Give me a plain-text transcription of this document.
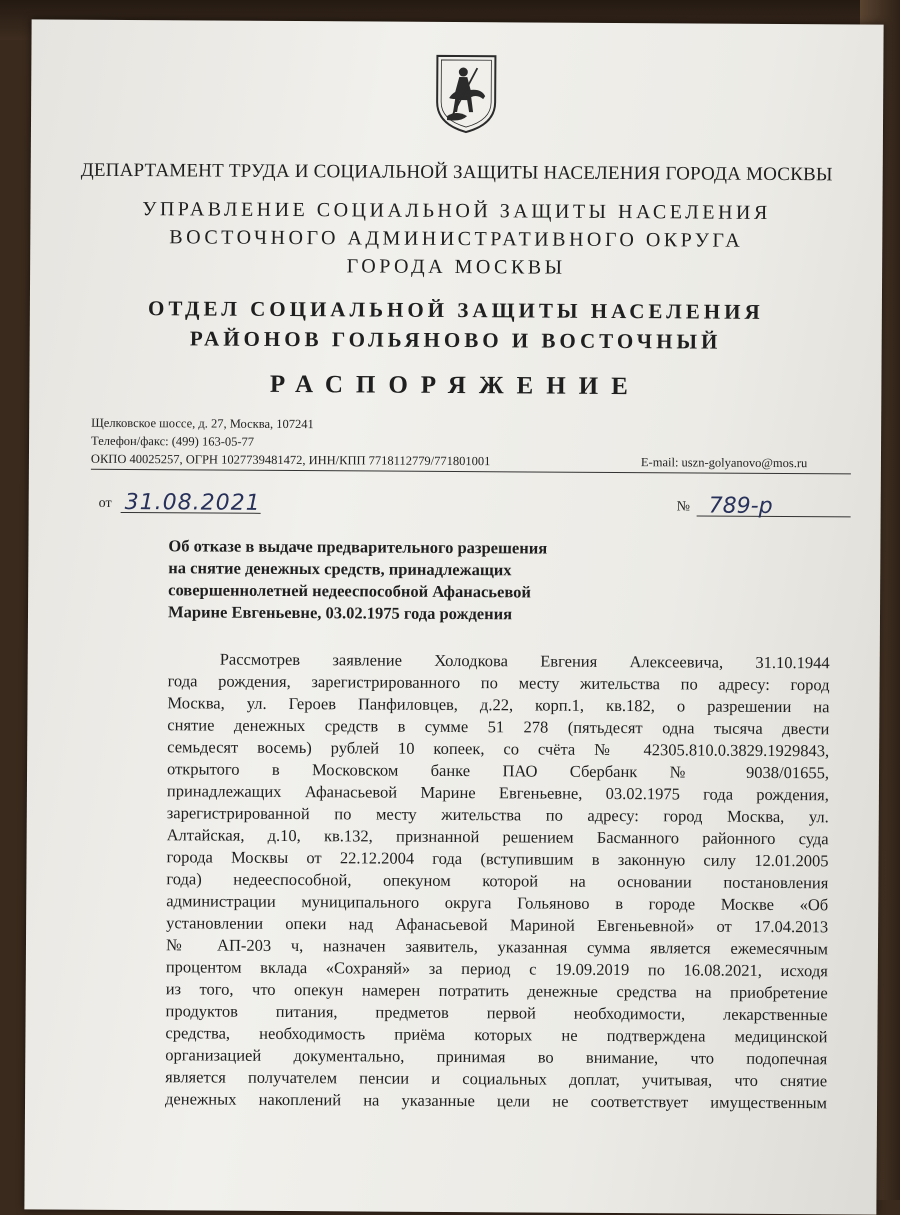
ДЕПАРТАМЕНТ ТРУДА И СОЦИАЛЬНОЙ ЗАЩИТЫ НАСЕЛЕНИЯ ГОРОДА МОСКВЫ
УПРАВЛЕНИЕ СОЦИАЛЬНОЙ ЗАЩИТЫ НАСЕЛЕНИЯ
ВОСТОЧНОГО АДМИНИСТРАТИВНОГО ОКРУГА
ГОРОДА МОСКВЫ
ОТДЕЛ СОЦИАЛЬНОЙ ЗАЩИТЫ НАСЕЛЕНИЯ
РАЙОНОВ ГОЛЬЯНОВО И ВОСТОЧНЫЙ
РАСПОРЯЖЕНИЕ
Щелковское шоссе, д. 27, Москва, 107241
Телефон/факс: (499) 163-05-77
ОКПО 40025257, ОГРН 1027739481472, ИНН/КПП 7718112779/771801001	E-mail: uszn-golyanovo@mos.ru
от 31.08.2021	№ 789-р
Об отказе в выдаче предварительного разрешения
на снятие денежных средств, принадлежащих
совершеннолетней недееспособной Афанасьевой
Марине Евгеньевне, 03.02.1975 года рождения
Рассмотрев заявление Холодкова Евгения Алексеевича, 31.10.1944
года рождения, зарегистрированного по месту жительства по адресу: город
Москва, ул. Героев Панфиловцев, д.22, корп.1, кв.182, о разрешении на
снятие денежных средств в сумме 51 278 (пятьдесят одна тысяча двести
семьдесят восемь) рублей 10 копеек, со счёта № 42305.810.0.3829.1929843,
открытого в Московском банке ПАО Сбербанк № 9038/01655,
принадлежащих Афанасьевой Марине Евгеньевне, 03.02.1975 года рождения,
зарегистрированной по месту жительства по адресу: город Москва, ул.
Алтайская, д.10, кв.132, признанной решением Басманного районного суда
города Москвы от 22.12.2004 года (вступившим в законную силу 12.01.2005
года) недееспособной, опекуном которой на основании постановления
администрации муниципального округа Гольяново в городе Москве «Об
установлении опеки над Афанасьевой Мариной Евгеньевной» от 17.04.2013
№ АП-203 ч, назначен заявитель, указанная сумма является ежемесячным
процентом вклада «Сохраняй» за период с 19.09.2019 по 16.08.2021, исходя
из того, что опекун намерен потратить денежные средства на приобретение
продуктов питания, предметов первой необходимости, лекарственные
средства, необходимость приёма которых не подтверждена медицинской
организацией документально, принимая во внимание, что подопечная
является получателем пенсии и социальных доплат, учитывая, что снятие
денежных накоплений на указанные цели не соответствует имущественным
